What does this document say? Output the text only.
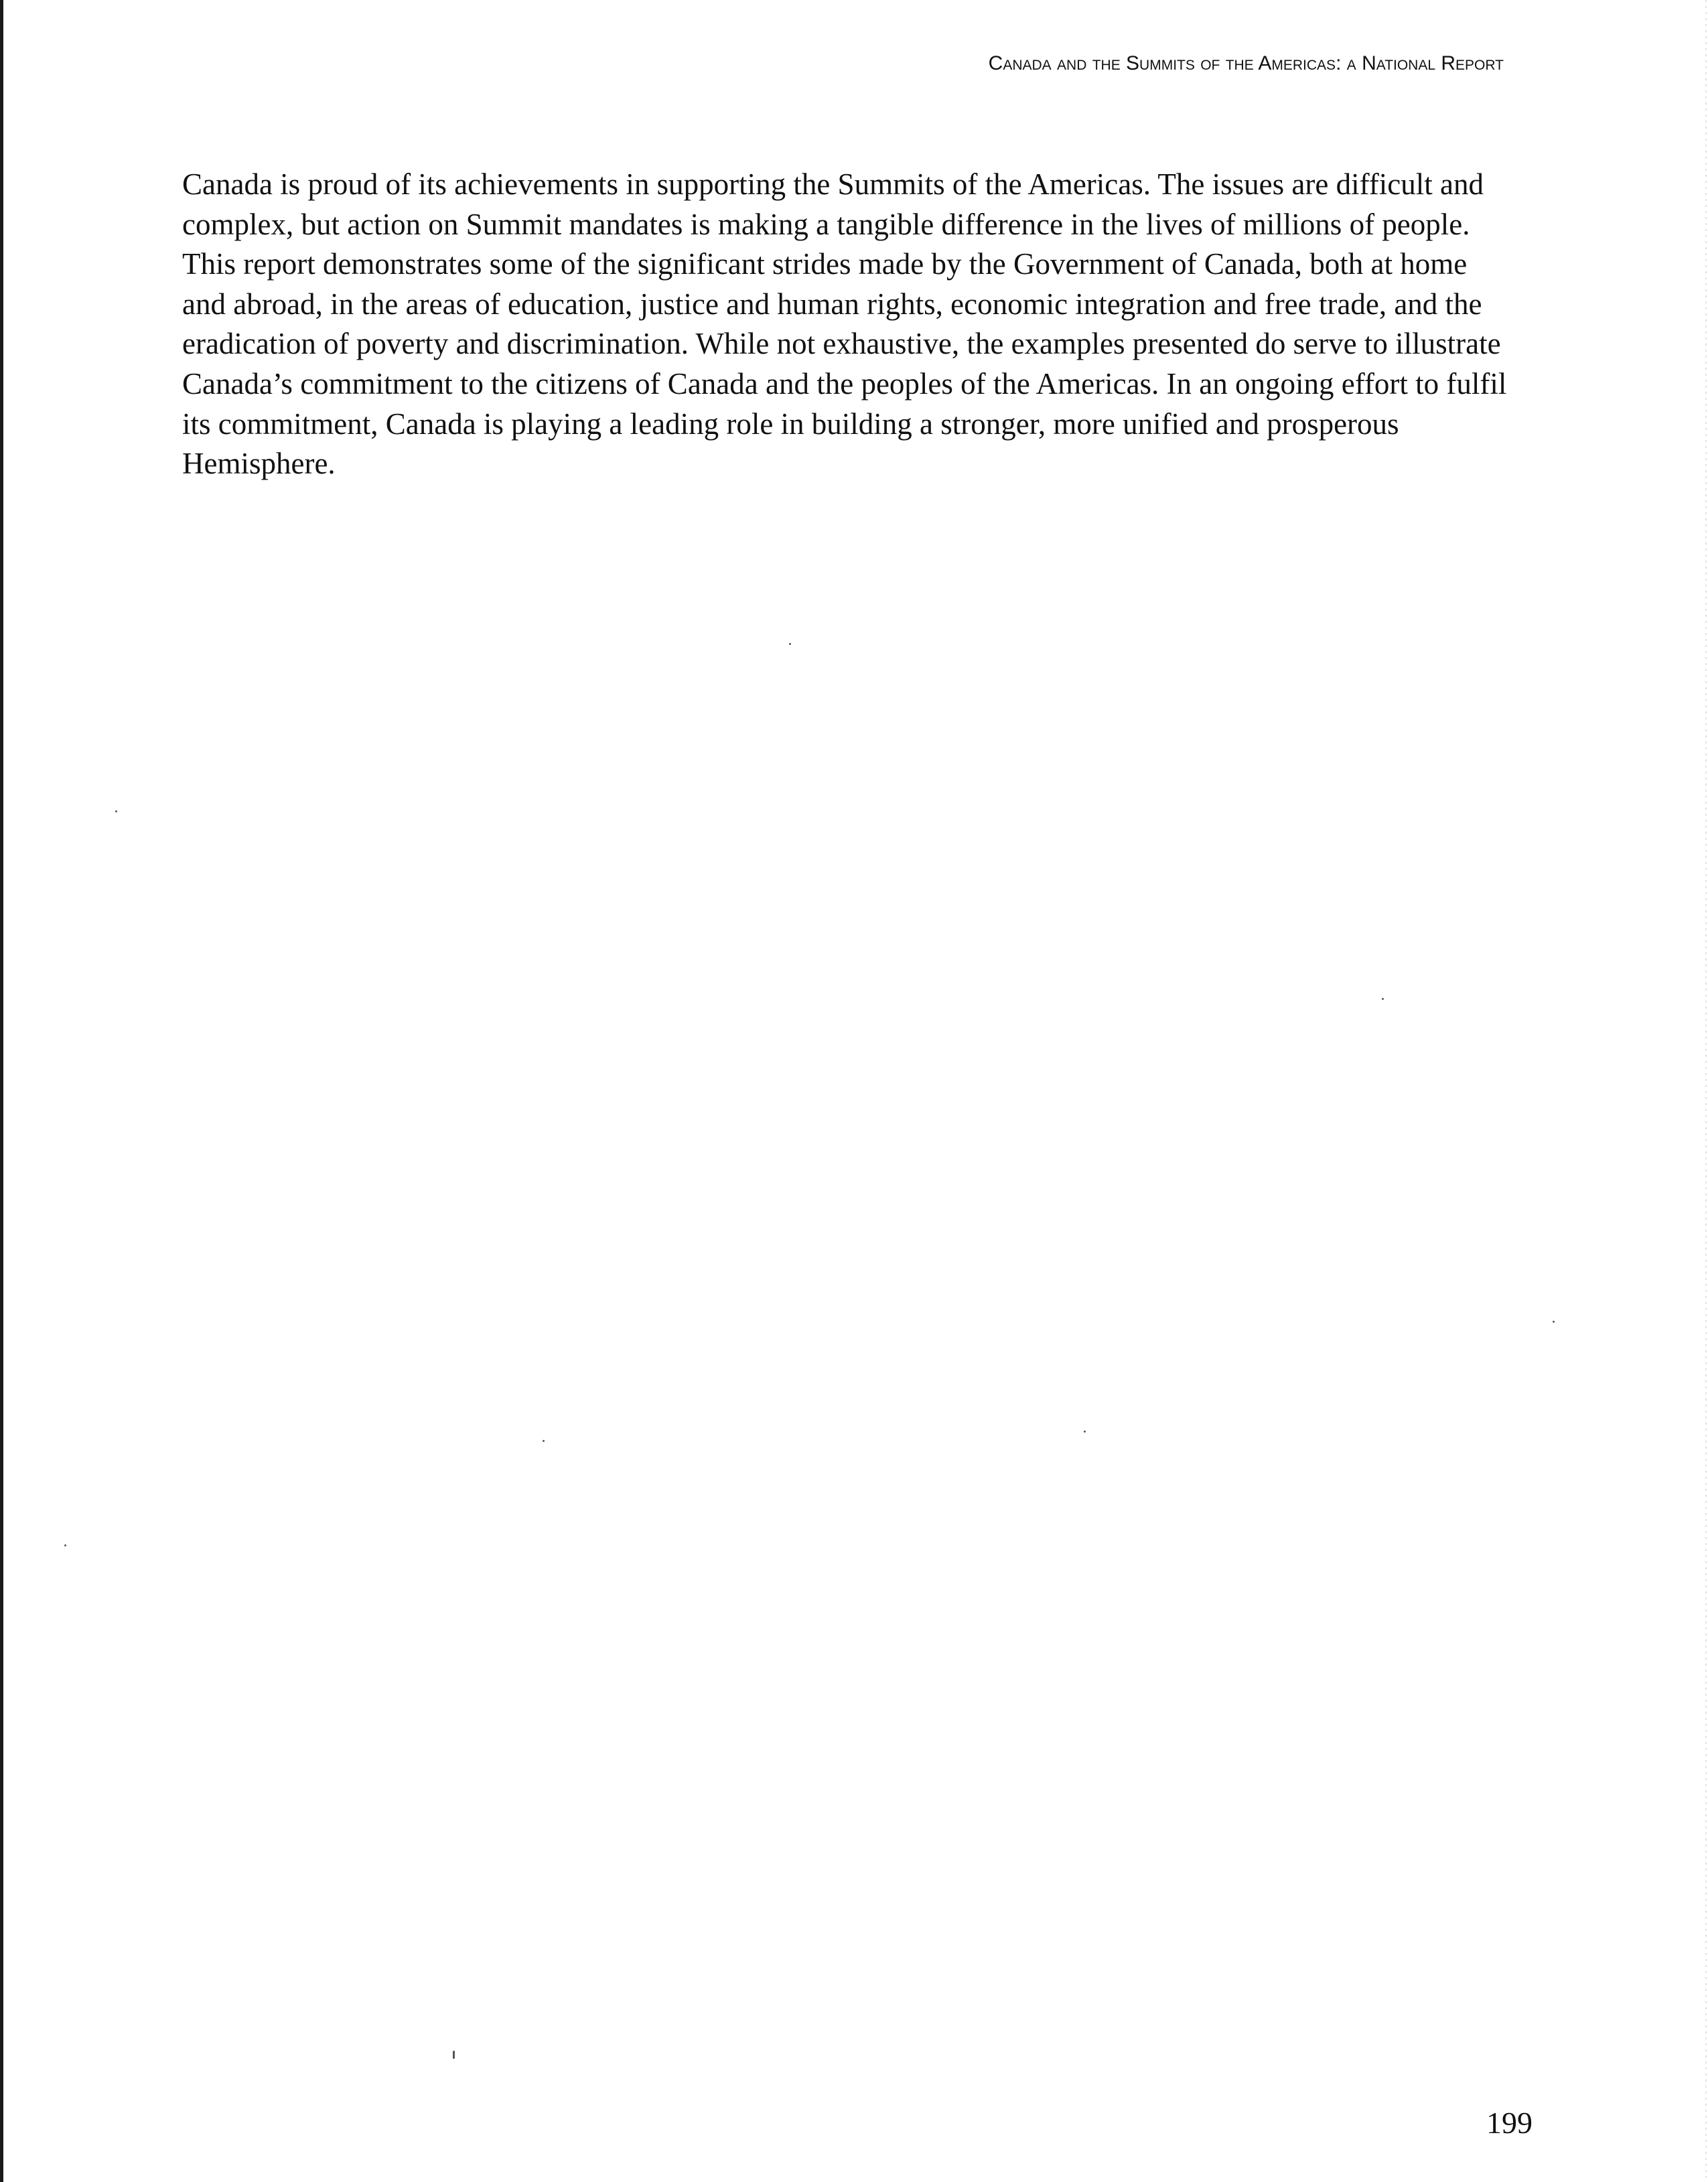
Canada and the Summits of the Americas: a National Report

Canada is proud of its achievements in supporting the Summits of the Americas. The issues are difficult and complex, but action on Summit mandates is making a tangible difference in the lives of millions of people. This report demonstrates some of the significant strides made by the Government of Canada, both at home and abroad, in the areas of education, justice and human rights, economic integration and free trade, and the eradication of poverty and discrimination. While not exhaustive, the examples presented do serve to illustrate Canada’s commitment to the citizens of Canada and the peoples of the Americas. In an ongoing effort to fulfil its commitment, Canada is playing a leading role in building a stronger, more unified and prosperous Hemisphere.

199
